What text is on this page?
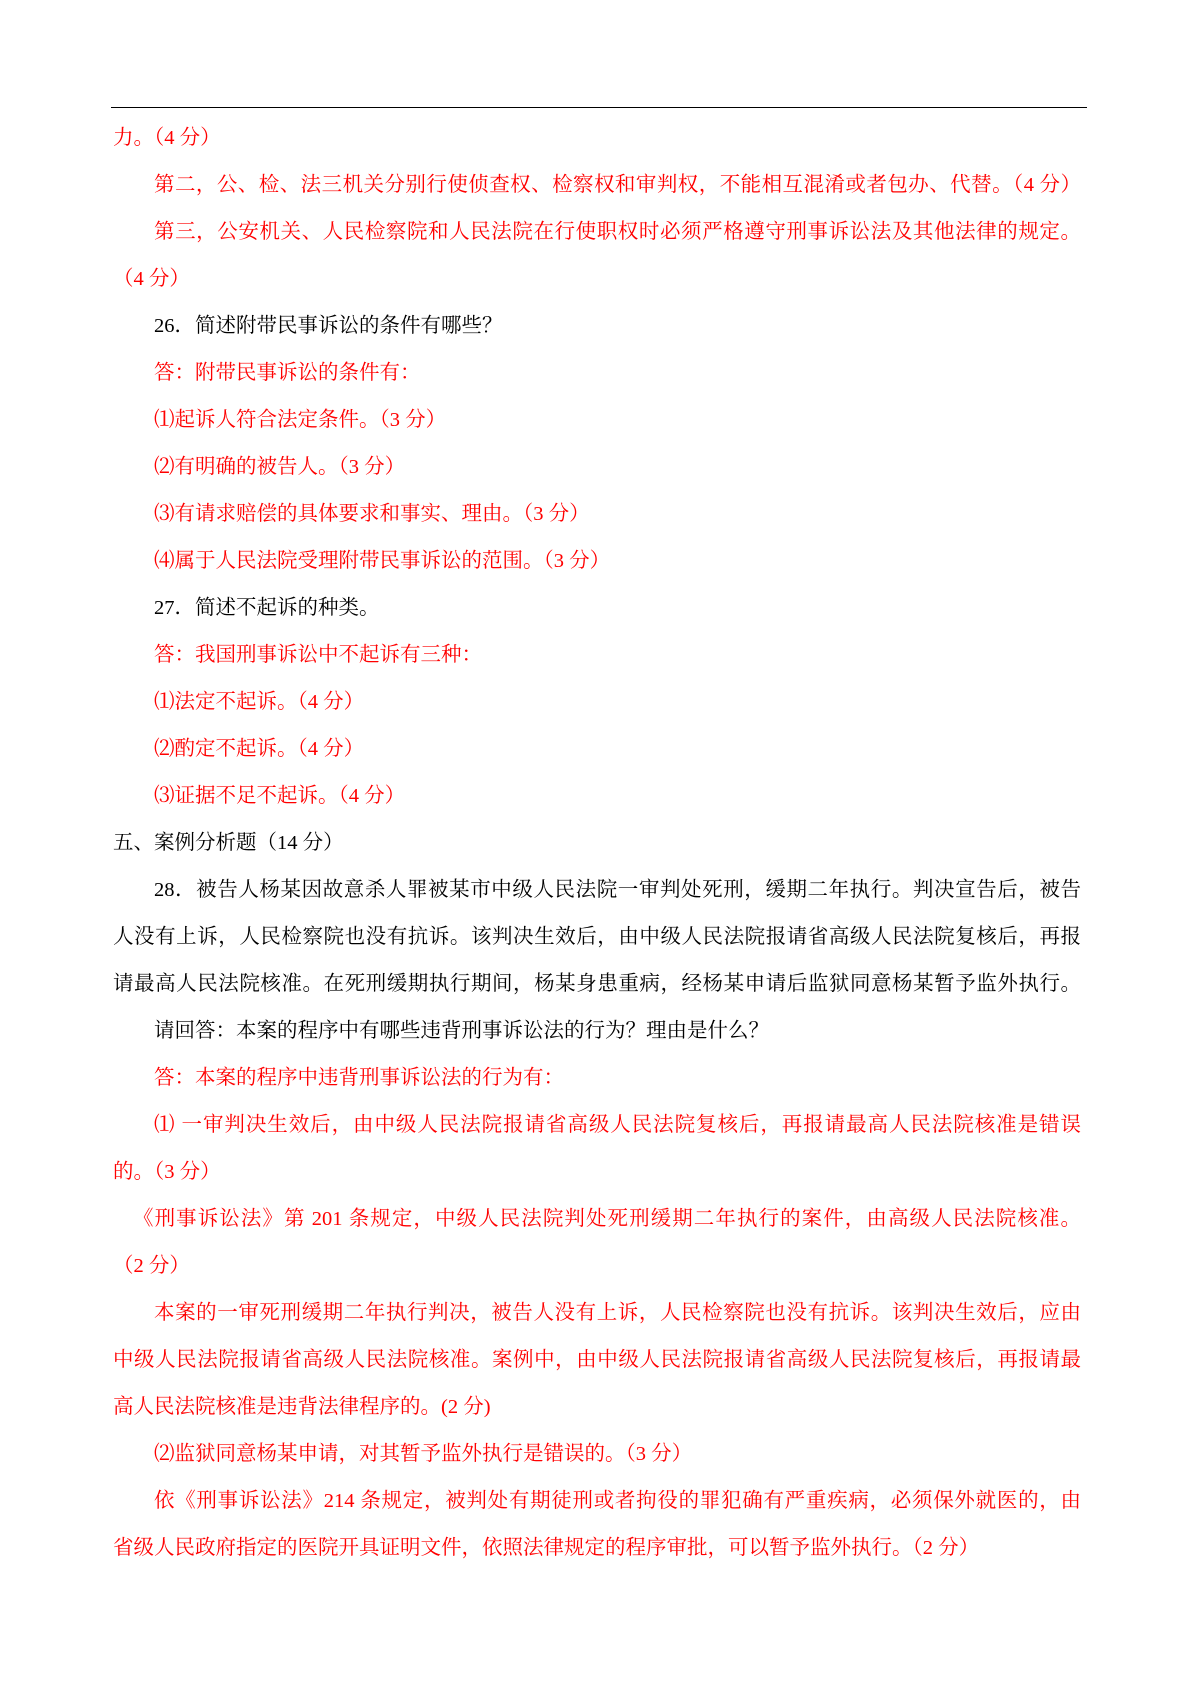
力。（4 分）
第二，公、检、法三机关分别行使侦查权、检察权和审判权，不能相互混淆或者包办、代替。（4 分）
第三，公安机关、人民检察院和人民法院在行使职权时必须严格遵守刑事诉讼法及其他法律的规定。
（4 分）
26．简述附带民事诉讼的条件有哪些？
答：附带民事诉讼的条件有：
⑴起诉人符合法定条件。（3 分）
⑵有明确的被告人。（3 分）
⑶有请求赔偿的具体要求和事实、理由。（3 分）
⑷属于人民法院受理附带民事诉讼的范围。（3 分）
27．简述不起诉的种类。
答：我国刑事诉讼中不起诉有三种：
⑴法定不起诉。（4 分）
⑵酌定不起诉。（4 分）
⑶证据不足不起诉。（4 分）
五、案例分析题（14 分）
28．被告人杨某因故意杀人罪被某市中级人民法院一审判处死刑，缓期二年执行。判决宣告后，被告
人没有上诉，人民检察院也没有抗诉。该判决生效后，由中级人民法院报请省高级人民法院复核后，再报
请最高人民法院核准。在死刑缓期执行期间，杨某身患重病，经杨某申请后监狱同意杨某暂予监外执行。
请回答：本案的程序中有哪些违背刑事诉讼法的行为？理由是什么？
答：本案的程序中违背刑事诉讼法的行为有：
⑴ 一审判决生效后，由中级人民法院报请省高级人民法院复核后，再报请最高人民法院核准是错误
的。（3 分）
《刑事诉讼法》第 201 条规定，中级人民法院判处死刑缓期二年执行的案件，由高级人民法院核准。
（2 分）
本案的一审死刑缓期二年执行判决，被告人没有上诉，人民检察院也没有抗诉。该判决生效后，应由
中级人民法院报请省高级人民法院核准。案例中，由中级人民法院报请省高级人民法院复核后，再报请最
高人民法院核准是违背法律程序的。(2 分)
⑵监狱同意杨某申请，对其暂予监外执行是错误的。（3 分）
依《刑事诉讼法》214 条规定，被判处有期徒刑或者拘役的罪犯确有严重疾病，必须保外就医的，由
省级人民政府指定的医院开具证明文件，依照法律规定的程序审批，可以暂予监外执行。（2 分）
